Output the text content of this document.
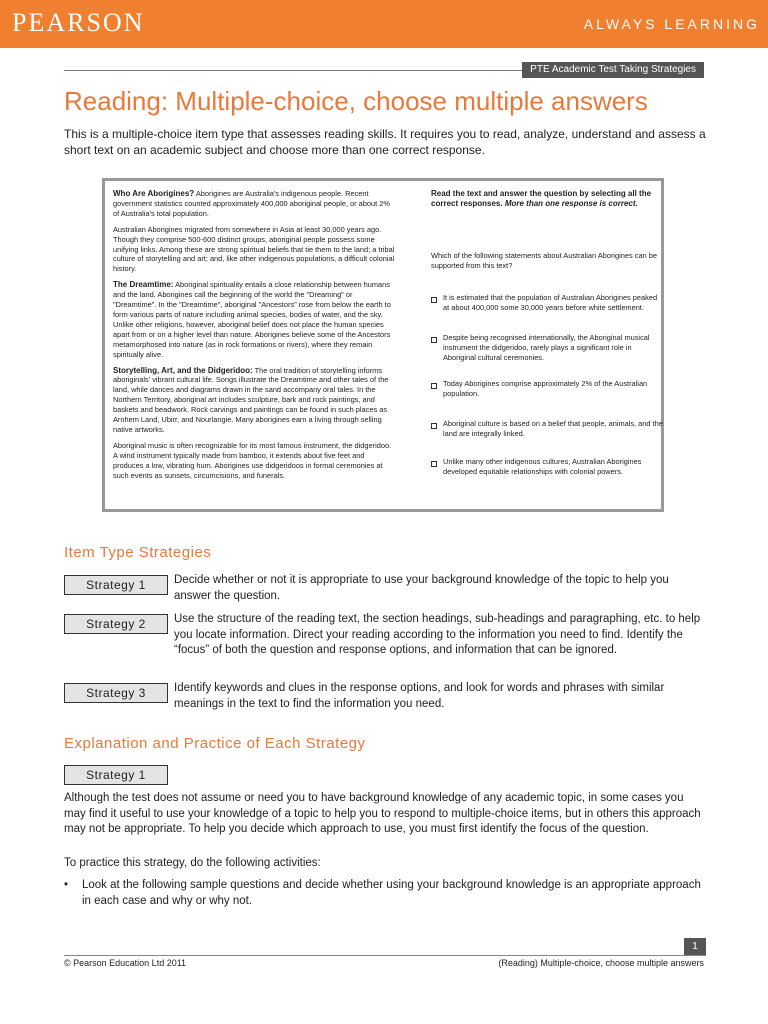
PEARSON	ALWAYS LEARNING
PTE Academic Test Taking Strategies
Reading: Multiple-choice, choose multiple answers

This is a multiple-choice item type that assesses reading skills. It requires you to read, analyze, understand and assess a short text on an academic subject and choose more than one correct response.

Who Are Aborigines? Aborigines are Australia's indigenous people. Recent government statistics counted approximately 400,000 aboriginal people, or about 2% of Australia's total population.

Australian Aborigines migrated from somewhere in Asia at least 30,000 years ago. Though they comprise 500-600 distinct groups, aboriginal people possess some unifying links. Among these are strong spiritual beliefs that tie them to the land; a tribal culture of storytelling and art; and, like other indigenous populations, a difficult colonial history.

The Dreamtime: Aboriginal spirituality entails a close relationship between humans and the land. Aborigines call the beginning of the world the "Dreaming" or "Dreamtime". In the "Dreamtime", aboriginal "Ancestors" rose from below the earth to form various parts of nature including animal species, bodies of water, and the sky. Unlike other religions, however, aboriginal belief does not place the human species apart from or on a higher level than nature. Aborigines believe some of the Ancestors metamorphosed into nature (as in rock formations or rivers), where they remain spiritually alive.

Storytelling, Art, and the Didgeridoo: The oral tradition of storytelling informs aboriginals' vibrant cultural life. Songs illustrate the Dreamtime and other tales of the land, while dances and diagrams drawn in the sand accompany oral tales. In the Northern Territory, aboriginal art includes sculpture, bark and rock paintings, and baskets and beadwork. Rock carvings and paintings can be found in such places as Arnhem Land, Ubirr, and Nourlangie. Many aborigines earn a living through selling native artworks.

Aboriginal music is often recognizable for its most famous instrument, the didgeridoo. A wind instrument typically made from bamboo, it extends about five feet and produces a low, vibrating hum. Aborigines use didgeridoos in formal ceremonies at such events as sunsets, circumcisions, and funerals.

Read the text and answer the question by selecting all the correct responses. More than one response is correct.
Which of the following statements about Australian Aborigines can be supported from this text?
It is estimated that the population of Australian Aborigines peaked at about 400,000 some 30,000 years before white settlement.
Despite being recognised internationally, the Aboriginal musical instrument the didgeridoo, rarely plays a significant role in Aboriginal cultural ceremonies.
Today Aborigines comprise approximately 2% of the Australian population.
Aboriginal culture is based on a belief that people, animals, and the land are integrally linked.
Unlike many other indigenous cultures, Australian Aborigines developed equitable relationships with colonial powers.
Item Type Strategies
Strategy 1	Decide whether or not it is appropriate to use your background knowledge of the topic to help you answer the question.

Strategy 2	Use the structure of the reading text, the section headings, sub-headings and paragraphing, etc. to help you locate information. Direct your reading according to the information you need to find. Identify the “focus” of both the question and response options, and information that can be ignored.

Strategy 3	Identify keywords and clues in the response options, and look for words and phrases with similar meanings in the text to find the information you need.

Explanation and Practice of Each Strategy
Strategy 1

Although the test does not assume or need you to have background knowledge of any academic topic, in some cases you may find it useful to use your knowledge of a topic to help you to respond to multiple-choice items, but in others this approach may not be appropriate. To help you decide which approach to use, you must first identify the focus of the question.

To practice this strategy, do the following activities:

• Look at the following sample questions and decide whether using your background knowledge is an appropriate approach in each case and why or why not.
1
© Pearson Education Ltd 2011	(Reading) Multiple-choice, choose multiple answers
